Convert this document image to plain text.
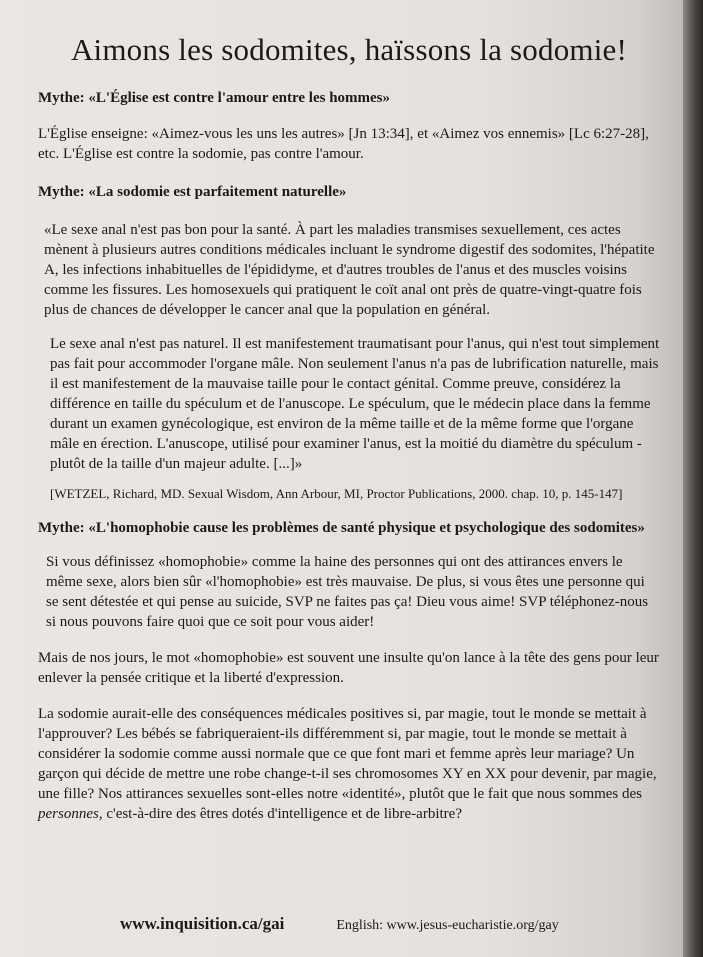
Aimons les sodomites, haïssons la sodomie!
Mythe: «L'Église est contre l'amour entre les hommes»

L'Église enseigne: «Aimez-vous les uns les autres» [Jn 13:34], et «Aimez vos ennemis» [Lc 6:27-28], etc. L'Église est contre la sodomie, pas contre l'amour.

Mythe: «La sodomie est parfaitement naturelle»

«Le sexe anal n'est pas bon pour la santé. À part les maladies transmises sexuellement, ces actes mènent à plusieurs autres conditions médicales incluant le syndrome digestif des sodomites, l'hépatite A, les infections inhabituelles de l'épididyme, et d'autres troubles de l'anus et des muscles voisins comme les fissures. Les homosexuels qui pratiquent le coït anal ont près de quatre-vingt-quatre fois plus de chances de développer le cancer anal que la population en général.

Le sexe anal n'est pas naturel. Il est manifestement traumatisant pour l'anus, qui n'est tout simplement pas fait pour accommoder l'organe mâle. Non seulement l'anus n'a pas de lubrification naturelle, mais il est manifestement de la mauvaise taille pour le contact génital. Comme preuve, considérez la différence en taille du spéculum et de l'anuscope. Le spéculum, que le médecin place dans la femme durant un examen gynécologique, est environ de la même taille et de la même forme que l'organe mâle en érection. L'anuscope, utilisé pour examiner l'anus, est la moitié du diamètre du spéculum - plutôt de la taille d'un majeur adulte. [...]»

[WETZEL, Richard, MD. Sexual Wisdom, Ann Arbour, MI, Proctor Publications, 2000. chap. 10, p. 145-147]

Mythe: «L'homophobie cause les problèmes de santé physique et psychologique des sodomites»

Si vous définissez «homophobie» comme la haine des personnes qui ont des attirances envers le même sexe, alors bien sûr «l'homophobie» est très mauvaise. De plus, si vous êtes une personne qui se sent détestée et qui pense au suicide, SVP ne faites pas ça! Dieu vous aime! SVP téléphonez-nous si nous pouvons faire quoi que ce soit pour vous aider!

Mais de nos jours, le mot «homophobie» est souvent une insulte qu'on lance à la tête des gens pour leur enlever la pensée critique et la liberté d'expression.

La sodomie aurait-elle des conséquences médicales positives si, par magie, tout le monde se mettait à l'approuver? Les bébés se fabriqueraient-ils différemment si, par magie, tout le monde se mettait à considérer la sodomie comme aussi normale que ce que font mari et femme après leur mariage? Un garçon qui décide de mettre une robe change-t-il ses chromosomes XY en XX pour devenir, par magie, une fille? Nos attirances sexuelles sont-elles notre «identité», plutôt que le fait que nous sommes des personnes, c'est-à-dire des êtres dotés d'intelligence et de libre-arbitre?

www.inquisition.ca/gai	English: www.jesus-eucharistie.org/gay
